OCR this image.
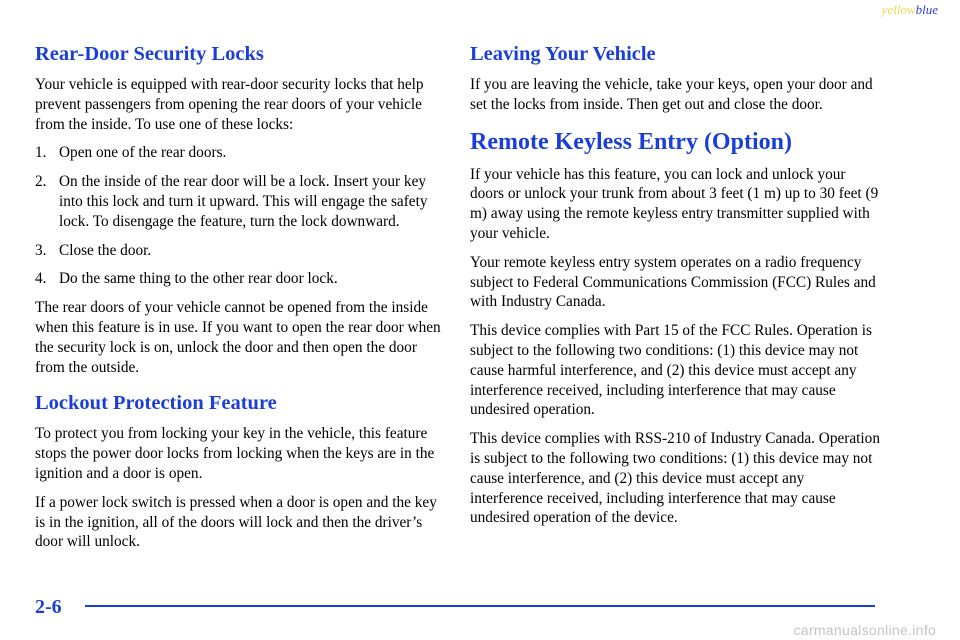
yellowblue
Rear-Door Security Locks

Your vehicle is equipped with rear-door security locks that help prevent passengers from opening the rear doors of your vehicle from the inside. To use one of these locks:

1. Open one of the rear doors.
2. On the inside of the rear door will be a lock. Insert your key into this lock and turn it upward. This will engage the safety lock. To disengage the feature, turn the lock downward.
3. Close the door.
4. Do the same thing to the other rear door lock.

The rear doors of your vehicle cannot be opened from the inside when this feature is in use. If you want to open the rear door when the security lock is on, unlock the door and then open the door from the outside.

Lockout Protection Feature

To protect you from locking your key in the vehicle, this feature stops the power door locks from locking when the keys are in the ignition and a door is open.

If a power lock switch is pressed when a door is open and the key is in the ignition, all of the doors will lock and then the driver’s door will unlock.

Leaving Your Vehicle

If you are leaving the vehicle, take your keys, open your door and set the locks from inside. Then get out and close the door.

Remote Keyless Entry (Option)

If your vehicle has this feature, you can lock and unlock your doors or unlock your trunk from about 3 feet (1 m) up to 30 feet (9 m) away using the remote keyless entry transmitter supplied with your vehicle.

Your remote keyless entry system operates on a radio frequency subject to Federal Communications Commission (FCC) Rules and with Industry Canada.

This device complies with Part 15 of the FCC Rules. Operation is subject to the following two conditions: (1) this device may not cause harmful interference, and (2) this device must accept any interference received, including interference that may cause undesired operation.

This device complies with RSS-210 of Industry Canada. Operation is subject to the following two conditions: (1) this device may not cause interference, and (2) this device must accept any interference received, including interference that may cause undesired operation of the device.

2-6
carmanualsonline.info
